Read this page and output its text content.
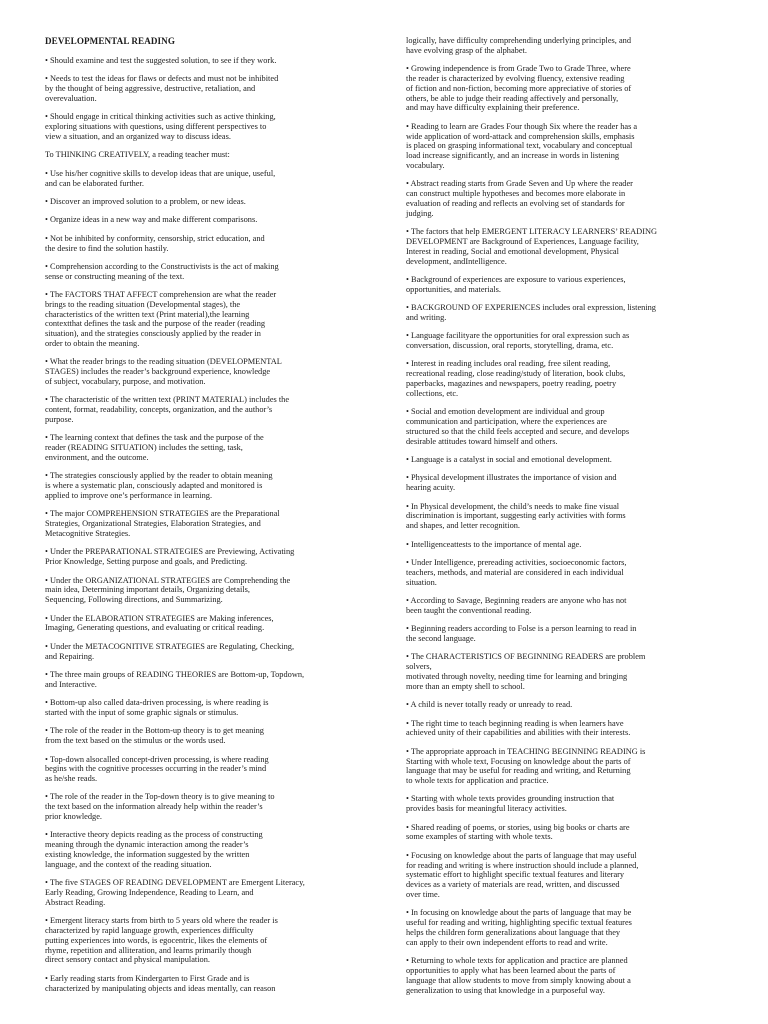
DEVELOPMENTAL READING
• Should examine and test the suggested solution, to see if they work.
• Needs to test the ideas for flaws or defects and must not be inhibited
by the thought of being aggressive, destructive, retaliation, and
overevaluation.
• Should engage in critical thinking activities such as active thinking,
exploring situations with questions, using different perspectives to
view a situation, and an organized way to discuss ideas.
To THINKING CREATIVELY, a reading teacher must:
• Use his/her cognitive skills to develop ideas that are unique, useful,
and can be elaborated further.
• Discover an improved solution to a problem, or new ideas.
• Organize ideas in a new way and make different comparisons.
• Not be inhibited by conformity, censorship, strict education, and
the desire to find the solution hastily.
• Comprehension according to the Constructivists is the act of making
sense or constructing meaning of the text.
• The FACTORS THAT AFFECT comprehension are what the reader
brings to the reading situation (Developmental stages), the
characteristics of the written text (Print material),the learning
contextthat defines the task and the purpose of the reader (reading
situation), and the strategies consciously applied by the reader in
order to obtain the meaning.
• What the reader brings to the reading situation (DEVELOPMENTAL
STAGES) includes the reader’s background experience, knowledge
of subject, vocabulary, purpose, and motivation.
• The characteristic of the written text (PRINT MATERIAL) includes the
content, format, readability, concepts, organization, and the author’s
purpose.
• The learning context that defines the task and the purpose of the
reader (READING SITUATION) includes the setting, task,
environment, and the outcome.
• The strategies consciously applied by the reader to obtain meaning
is where a systematic plan, consciously adapted and monitored is
applied to improve one’s performance in learning.
• The major COMPREHENSION STRATEGIES are the Preparational
Strategies, Organizational Strategies, Elaboration Strategies, and
Metacognitive Strategies.
• Under the PREPARATIONAL STRATEGIES are Previewing, Activating
Prior Knowledge, Setting purpose and goals, and Predicting.
• Under the ORGANIZATIONAL STRATEGIES are Comprehending the
main idea, Determining important details, Organizing details,
Sequencing, Following directions, and Summarizing.
• Under the ELABORATION STRATEGIES are Making inferences,
Imaging, Generating questions, and evaluating or critical reading.
• Under the METACOGNITIVE STRATEGIES are Regulating, Checking,
and Repairing.
• The three main groups of READING THEORIES are Bottom-up, Topdown,
and Interactive.
• Bottom-up also called data-driven processing, is where reading is
started with the input of some graphic signals or stimulus.
• The role of the reader in the Bottom-up theory is to get meaning
from the text based on the stimulus or the words used.
• Top-down alsocalled concept-driven processing, is where reading
begins with the cognitive processes occurring in the reader’s mind
as he/she reads.
• The role of the reader in the Top-down theory is to give meaning to
the text based on the information already help within the reader’s
prior knowledge.
• Interactive theory depicts reading as the process of constructing
meaning through the dynamic interaction among the reader’s
existing knowledge, the information suggested by the written
language, and the context of the reading situation.
• The five STAGES OF READING DEVELOPMENT are Emergent Literacy,
Early Reading, Growing Independence, Reading to Learn, and
Abstract Reading.
• Emergent literacy starts from birth to 5 years old where the reader is
characterized by rapid language growth, experiences difficulty
putting experiences into words, is egocentric, likes the elements of
rhyme, repetition and alliteration, and learns primarily though
direct sensory contact and physical manipulation.
• Early reading starts from Kindergarten to First Grade and is
characterized by manipulating objects and ideas mentally, can reason
logically, have difficulty comprehending underlying principles, and
have evolving grasp of the alphabet.
• Growing independence is from Grade Two to Grade Three, where
the reader is characterized by evolving fluency, extensive reading
of fiction and non-fiction, becoming more appreciative of stories of
others, be able to judge their reading affectively and personally,
and may have difficulty explaining their preference.
• Reading to learn are Grades Four though Six where the reader has a
wide application of word-attack and comprehension skills, emphasis
is placed on grasping informational text, vocabulary and conceptual
load increase significantly, and an increase in words in listening
vocabulary.
• Abstract reading starts from Grade Seven and Up where the reader
can construct multiple hypotheses and becomes more elaborate in
evaluation of reading and reflects an evolving set of standards for
judging.
• The factors that help EMERGENT LITERACY LEARNERS’ READING
DEVELOPMENT are Background of Experiences, Language facility,
Interest in reading, Social and emotional development, Physical
development, andIntelligence.
• Background of experiences are exposure to various experiences,
opportunities, and materials.
• BACKGROUND OF EXPERIENCES includes oral expression, listening
and writing.
• Language facilityare the opportunities for oral expression such as
conversation, discussion, oral reports, storytelling, drama, etc.
• Interest in reading includes oral reading, free silent reading,
recreational reading, close reading/study of literation, book clubs,
paperbacks, magazines and newspapers, poetry reading, poetry
collections, etc.
• Social and emotion development are individual and group
communication and participation, where the experiences are
structured so that the child feels accepted and secure, and develops
desirable attitudes toward himself and others.
• Language is a catalyst in social and emotional development.
• Physical development illustrates the importance of vision and
hearing acuity.
• In Physical development, the child’s needs to make fine visual
discrimination is important, suggesting early activities with forms
and shapes, and letter recognition.
• Intelligenceattests to the importance of mental age.
• Under Intelligence, prereading activities, socioeconomic factors,
teachers, methods, and material are considered in each individual
situation.
• According to Savage, Beginning readers are anyone who has not
been taught the conventional reading.
• Beginning readers according to Folse is a person learning to read in
the second language.
• The CHARACTERISTICS OF BEGINNING READERS are problem
solvers,
motivated through novelty, needing time for learning and bringing
more than an empty shell to school.
• A child is never totally ready or unready to read.
• The right time to teach beginning reading is when learners have
achieved unity of their capabilities and abilities with their interests.
• The appropriate approach in TEACHING BEGINNING READING is
Starting with whole text, Focusing on knowledge about the parts of
language that may be useful for reading and writing, and Returning
to whole texts for application and practice.
• Starting with whole texts provides grounding instruction that
provides basis for meaningful literacy activities.
• Shared reading of poems, or stories, using big books or charts are
some examples of starting with whole texts.
• Focusing on knowledge about the parts of language that may useful
for reading and writing is where instruction should include a planned,
systematic effort to highlight specific textual features and literary
devices as a variety of materials are read, written, and discussed
over time.
• In focusing on knowledge about the parts of language that may be
useful for reading and writing, highlighting specific textual features
helps the children form generalizations about language that they
can apply to their own independent efforts to read and write.
• Returning to whole texts for application and practice are planned
opportunities to apply what has been learned about the parts of
language that allow students to move from simply knowing about a
generalization to using that knowledge in a purposeful way.
